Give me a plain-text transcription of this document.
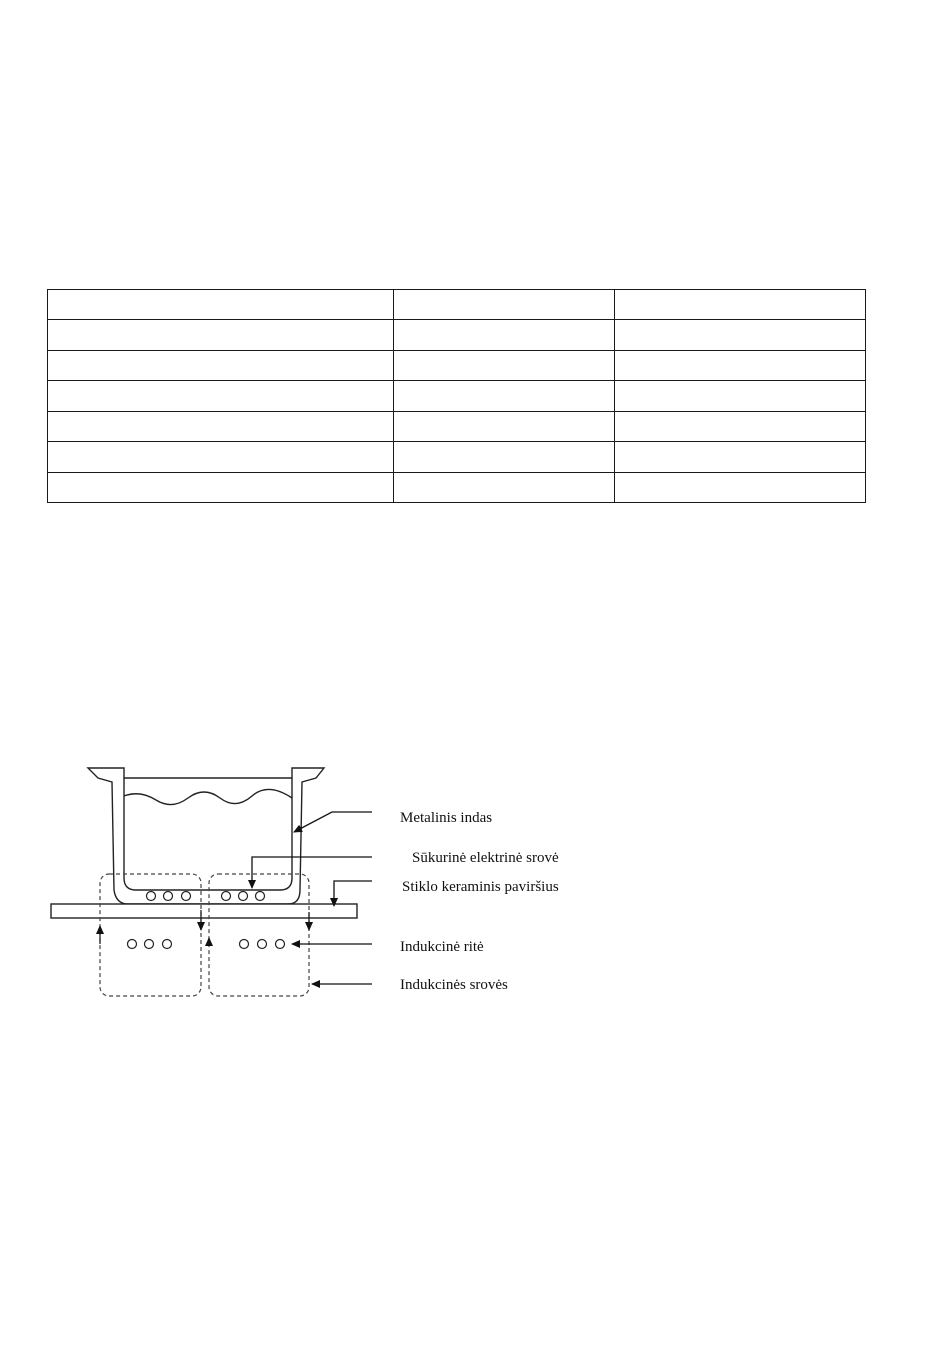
Metalinis indas
Sūkurinė elektrinė srovė
Stiklo keraminis paviršius
Indukcinė ritė
Indukcinės srovės
